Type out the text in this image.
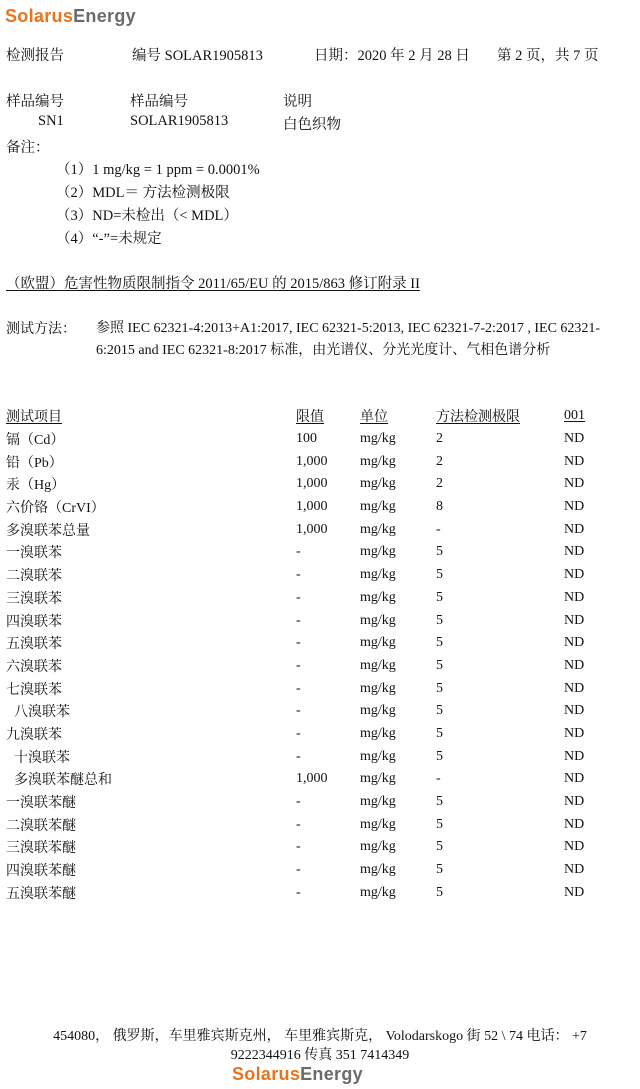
SolarusEnergy
检测报告	编号 SOLAR1905813	日期：2020 年 2 月 28 日 第 2 页，共 7 页
样品编号	样品编号	说明
SN1	SOLAR1905813	白色织物
备注：
（1）1 mg/kg = 1 ppm = 0.0001%
（2）MDL＝ 方法检测极限
（3）ND=未检出（< MDL）
（4）“-”=未规定
（欧盟）危害性物质限制指令 2011/65/EU 的 2015/863 修订附录 II
测试方法： 参照 IEC 62321-4:2013+A1:2017, IEC 62321-5:2013, IEC 62321-7-2:2017 , IEC 62321-6:2015 and IEC 62321-8:2017 标准，由光谱仪、分光光度计、气相色谱分析
测试项目	限值	单位	方法检测极限	001
镉（Cd）	100	mg/kg	2	ND
铅（Pb）	1,000	mg/kg	2	ND
汞（Hg）	1,000	mg/kg	2	ND
六价铬（CrVI）	1,000	mg/kg	8	ND
多溴联苯总量	1,000	mg/kg	-	ND
一溴联苯	-	mg/kg	5	ND
二溴联苯	-	mg/kg	5	ND
三溴联苯	-	mg/kg	5	ND
四溴联苯	-	mg/kg	5	ND
五溴联苯	-	mg/kg	5	ND
六溴联苯	-	mg/kg	5	ND
七溴联苯	-	mg/kg	5	ND
八溴联苯	-	mg/kg	5	ND
九溴联苯	-	mg/kg	5	ND
十溴联苯	-	mg/kg	5	ND
多溴联苯醚总和	1,000	mg/kg	-	ND
一溴联苯醚	-	mg/kg	5	ND
二溴联苯醚	-	mg/kg	5	ND
三溴联苯醚	-	mg/kg	5	ND
四溴联苯醚	-	mg/kg	5	ND
五溴联苯醚	-	mg/kg	5	ND
454080， 俄罗斯，车里雅宾斯克州， 车里雅宾斯克， Volodarskogo 街 52 \ 74 电话： +7
9222344916 传真 351 7414349
SolarusEnergy
